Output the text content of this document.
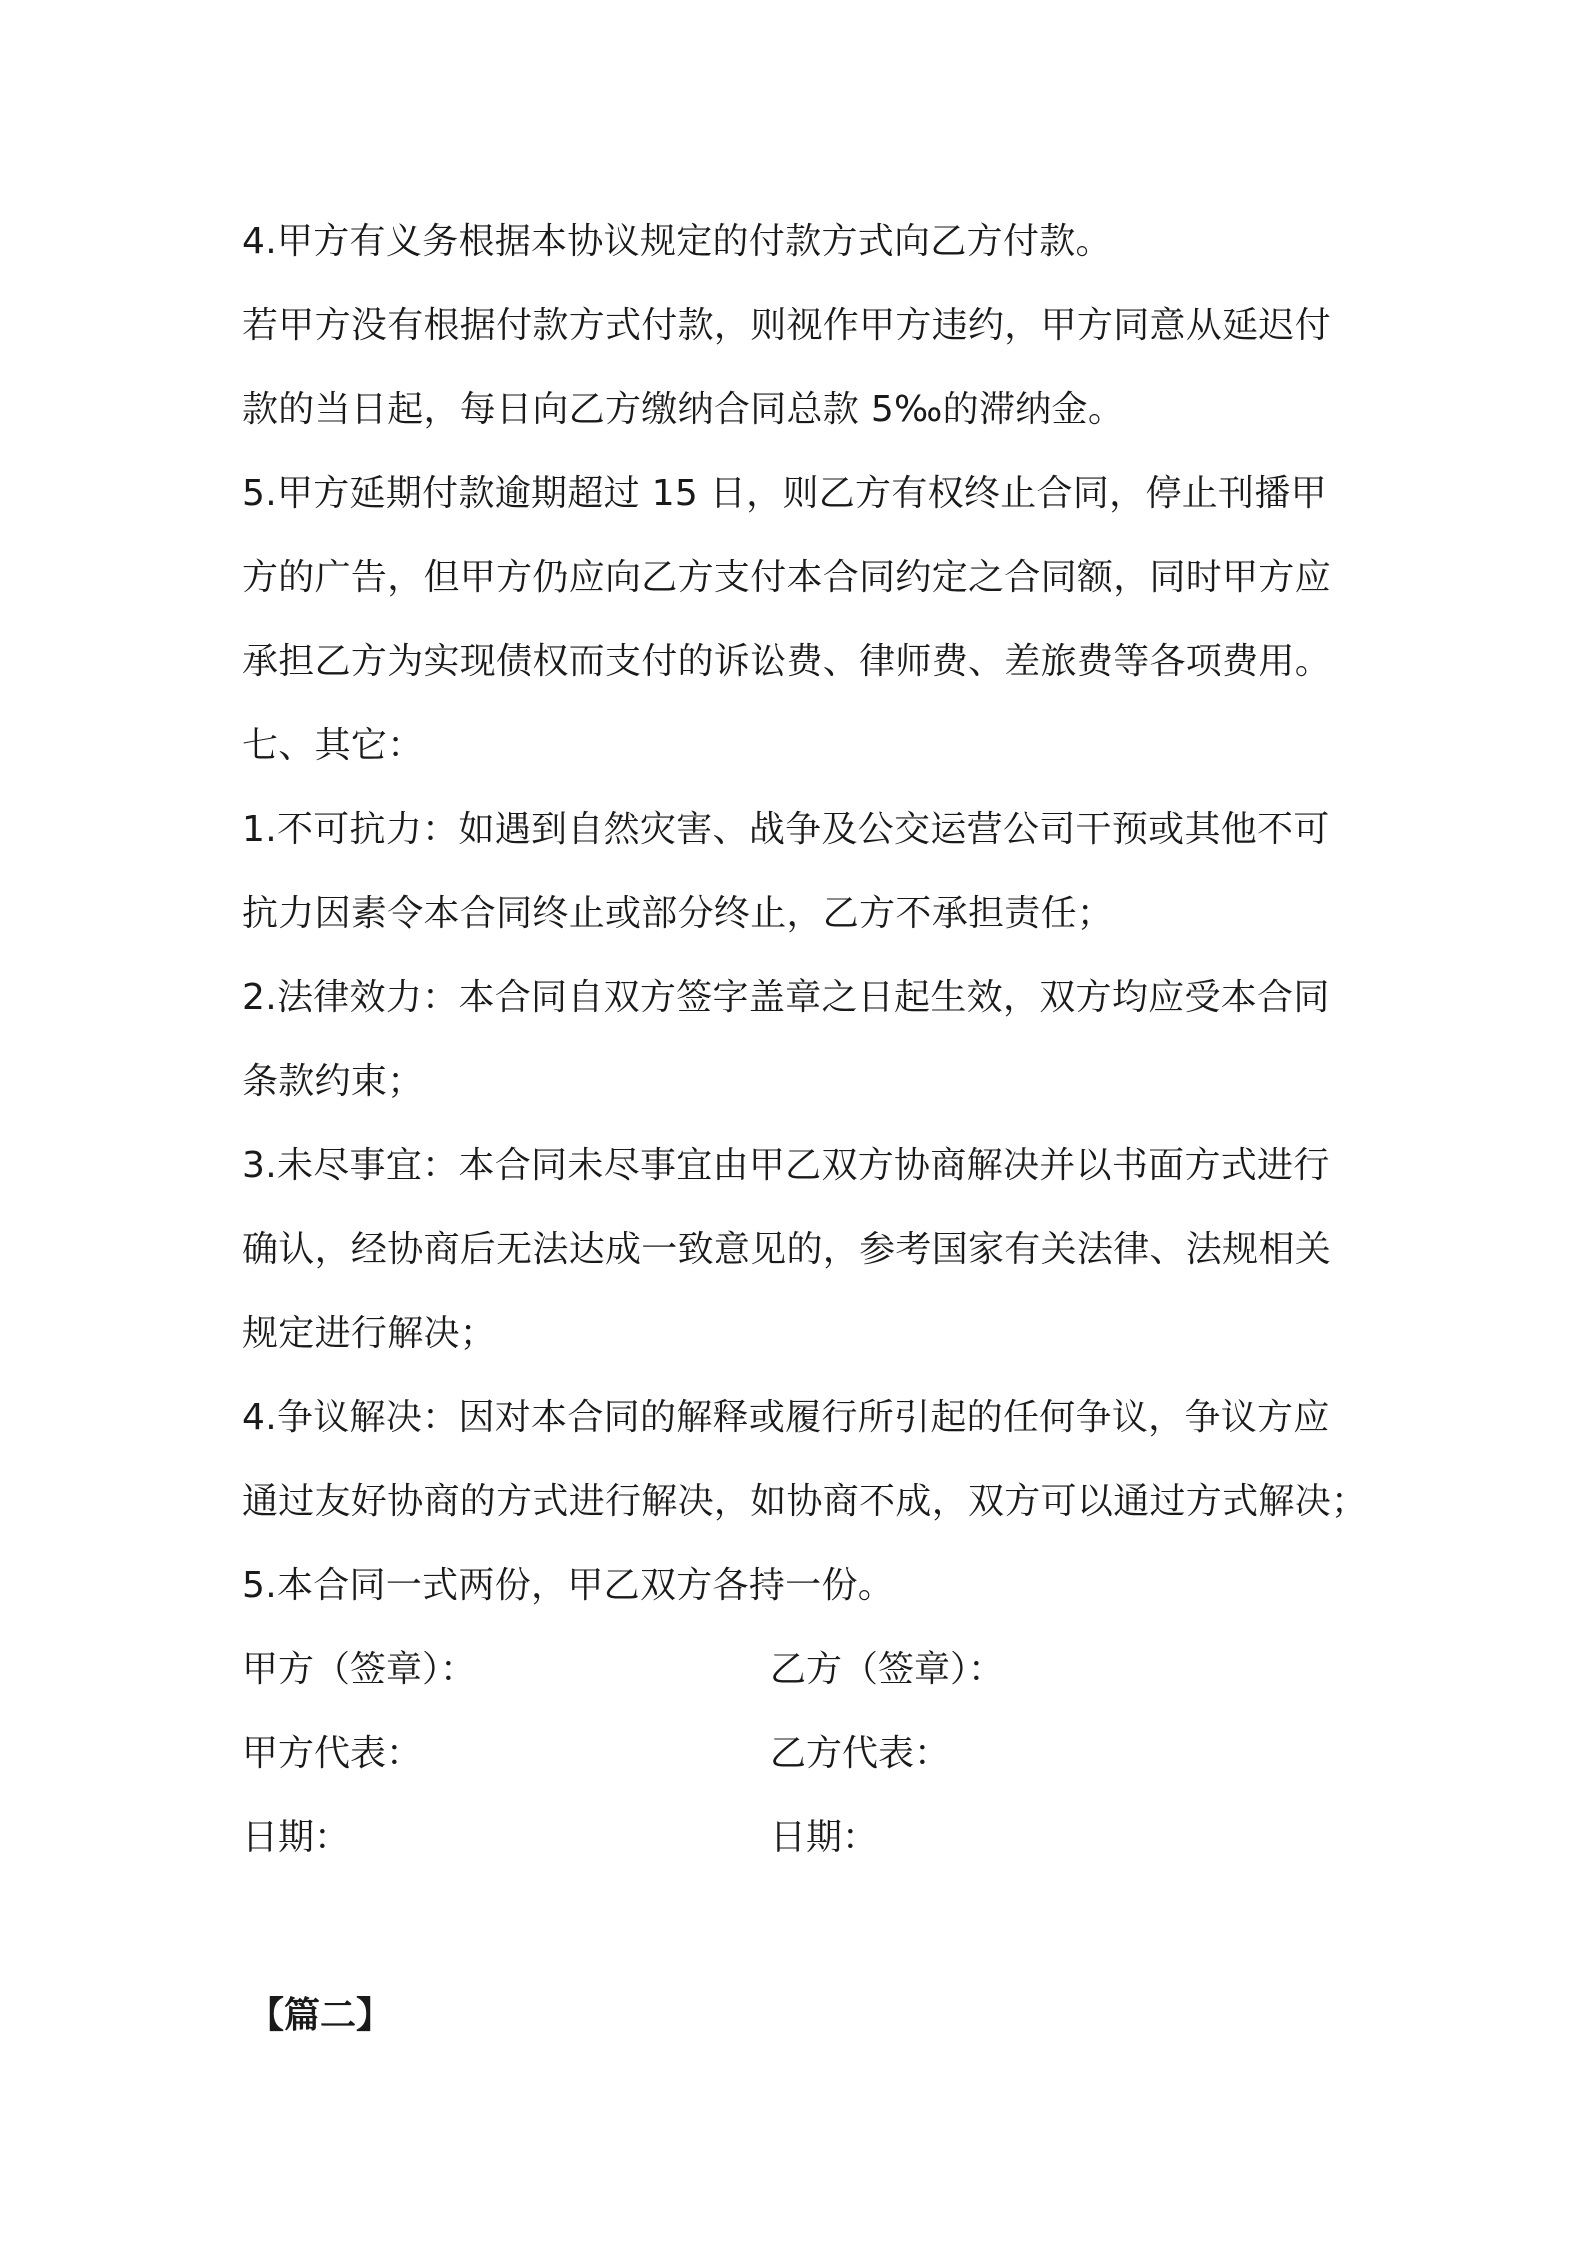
4.甲方有义务根据本协议规定的付款方式向乙方付款。
若甲方没有根据付款方式付款，则视作甲方违约，甲方同意从延迟付
款的当日起，每日向乙方缴纳合同总款 5‰的滞纳金。
5.甲方延期付款逾期超过 15 日，则乙方有权终止合同，停止刊播甲
方的广告，但甲方仍应向乙方支付本合同约定之合同额，同时甲方应
承担乙方为实现债权而支付的诉讼费、律师费、差旅费等各项费用。
七、其它：
1.不可抗力：如遇到自然灾害、战争及公交运营公司干预或其他不可
抗力因素令本合同终止或部分终止，乙方不承担责任；
2.法律效力：本合同自双方签字盖章之日起生效，双方均应受本合同
条款约束；
3.未尽事宜：本合同未尽事宜由甲乙双方协商解决并以书面方式进行
确认，经协商后无法达成一致意见的，参考国家有关法律、法规相关
规定进行解决；
4.争议解决：因对本合同的解释或履行所引起的任何争议，争议方应
通过友好协商的方式进行解决，如协商不成，双方可以通过方式解决；
5.本合同一式两份，甲乙双方各持一份。
甲方（签章）：	乙方（签章）：
甲方代表：	乙方代表：
日期：	日期：
【篇二】
